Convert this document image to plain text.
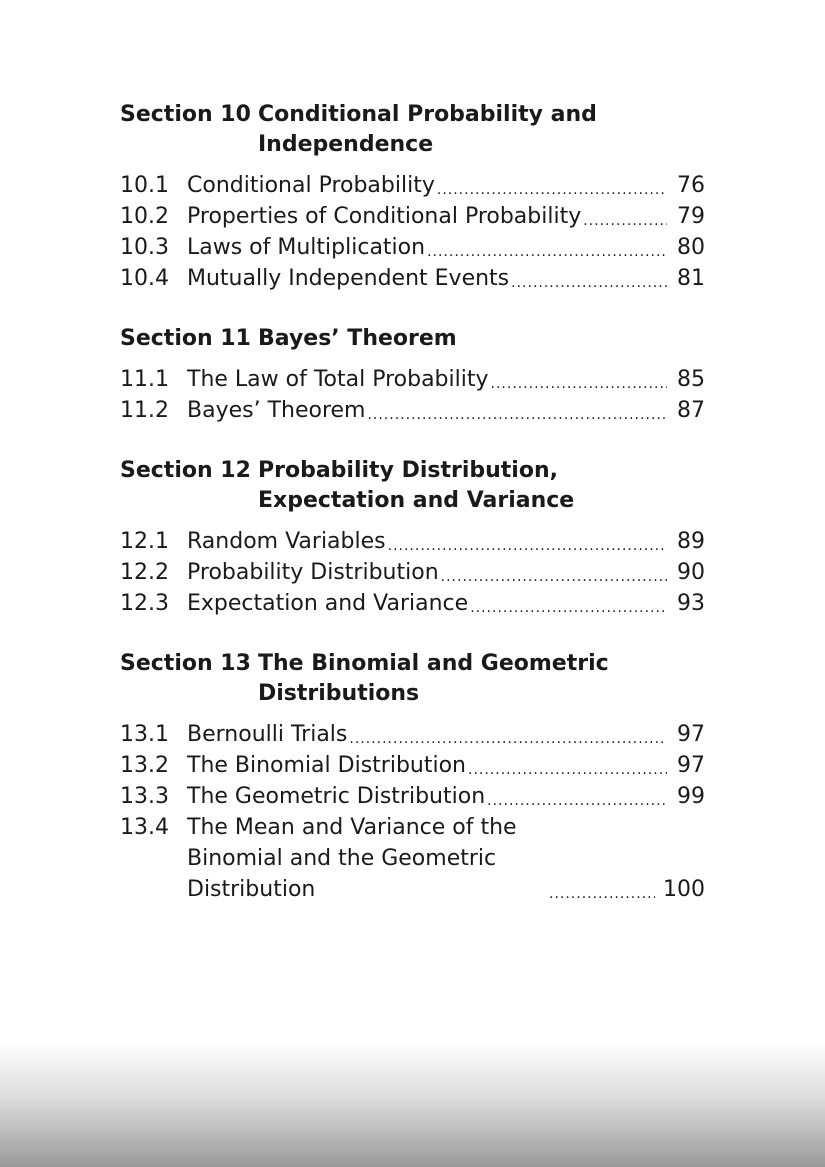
Section 10 Conditional Probability and Independence
10.1 Conditional Probability .....	76
10.2 Properties of Conditional Probability .....	79
10.3 Laws of Multiplication .....	80
10.4 Mutually Independent Events .....	81
Section 11 Bayes’ Theorem
11.1 The Law of Total Probability .....	85
11.2 Bayes’ Theorem .....	87
Section 12 Probability Distribution, Expectation and Variance
12.1 Random Variables .....	89
12.2 Probability Distribution .....	90
12.3 Expectation and Variance .....	93
Section 13 The Binomial and Geometric Distributions
13.1 Bernoulli Trials .....	97
13.2 The Binomial Distribution .....	97
13.3 The Geometric Distribution .....	99
13.4 The Mean and Variance of the Binomial and the Geometric Distribution .....	100
